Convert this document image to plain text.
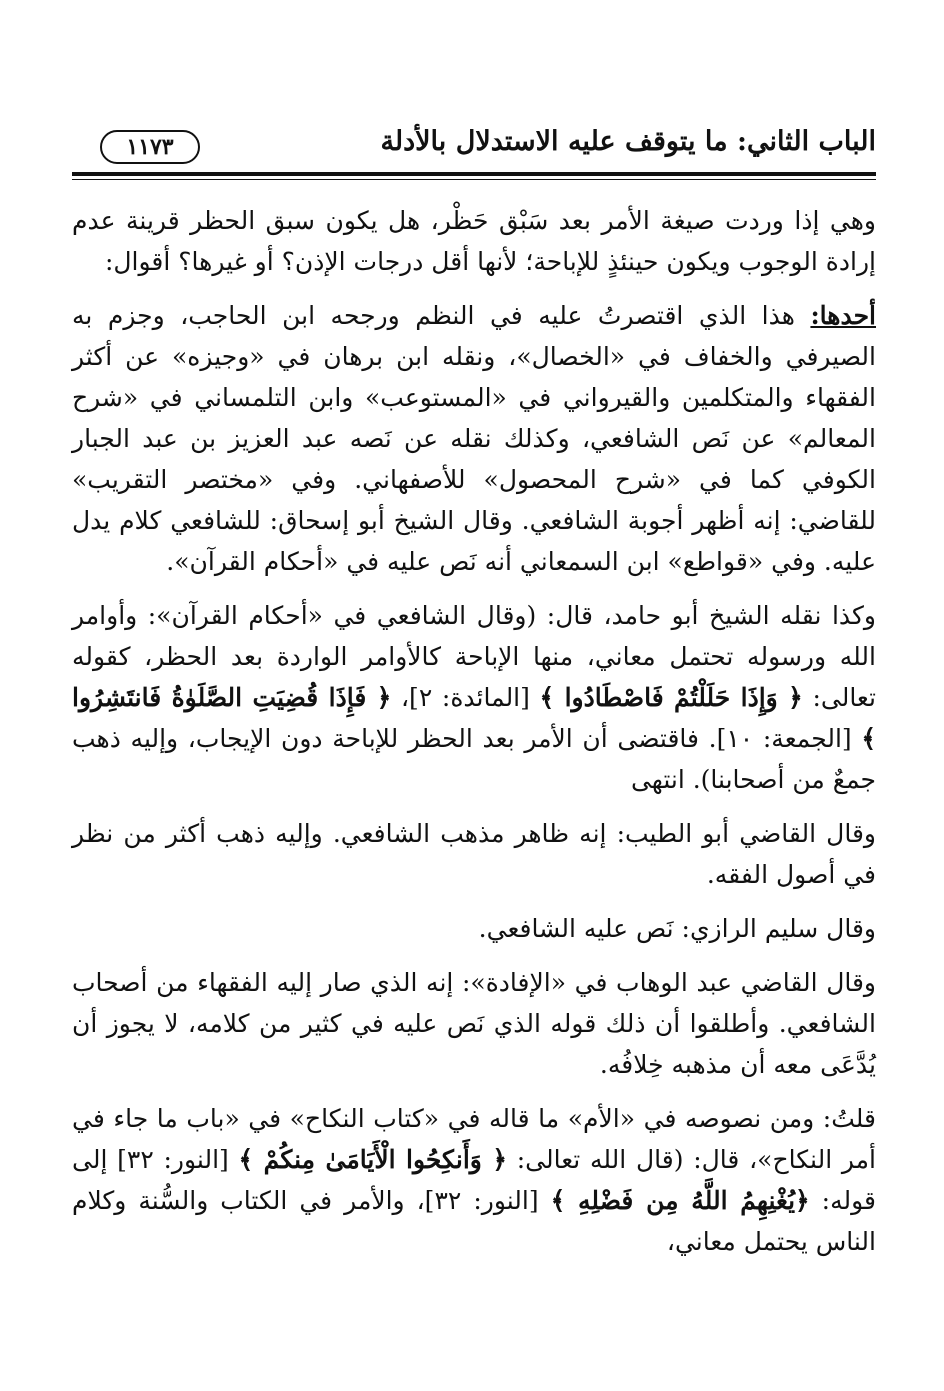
الباب الثاني: ما يتوقف عليه الاستدلال بالأدلة
١١٧٣

وهي إذا وردت صيغة الأمر بعد سَبْق حَظْر، هل يكون سبق الحظر قرينة عدم إرادة الوجوب ويكون حينئذٍ للإباحة؛ لأنها أقل درجات الإذن؟ أو غيرها؟ أقوال:

أحدها: هذا الذي اقتصرتُ عليه في النظم ورجحه ابن الحاجب، وجزم به الصيرفي والخفاف في «الخصال»، ونقله ابن برهان في «وجيزه» عن أكثر الفقهاء والمتكلمين والقيرواني في «المستوعب» وابن التلمساني في «شرح المعالم» عن نَص الشافعي، وكذلك نقله عن نَصه عبد العزيز بن عبد الجبار الكوفي كما في «شرح المحصول» للأصفهاني. وفي «مختصر التقريب» للقاضي: إنه أظهر أجوبة الشافعي. وقال الشيخ أبو إسحاق: للشافعي كلام يدل عليه. وفي «قواطع» ابن السمعاني أنه نَص عليه في «أحكام القرآن».

وكذا نقله الشيخ أبو حامد، قال: (وقال الشافعي في «أحكام القرآن»: وأوامر الله ورسوله تحتمل معاني، منها الإباحة كالأوامر الواردة بعد الحظر، كقوله تعالى: ﴿ وَإِذَا حَلَلْتُمْ فَاصْطَادُوا ﴾ [المائدة: ٢]، ﴿ فَإِذَا قُضِيَتِ الصَّلَوٰةُ فَانتَشِرُوا ﴾ [الجمعة: ١٠]. فاقتضى أن الأمر بعد الحظر للإباحة دون الإيجاب، وإليه ذهب جمعٌ من أصحابنا). انتهى

وقال القاضي أبو الطيب: إنه ظاهر مذهب الشافعي. وإليه ذهب أكثر من نظر في أصول الفقه.

وقال سليم الرازي: نَص عليه الشافعي.

وقال القاضي عبد الوهاب في «الإفادة»: إنه الذي صار إليه الفقهاء من أصحاب الشافعي. وأطلقوا أن ذلك قوله الذي نَص عليه في كثير من كلامه، لا يجوز أن يُدَّعَى معه أن مذهبه خِلافُه.

قلتُ: ومن نصوصه في «الأم» ما قاله في «كتاب النكاح» في «باب ما جاء في أمر النكاح»، قال: (قال الله تعالى: ﴿ وَأَنكِحُوا الْأَيَامَىٰ مِنكُمْ ﴾ [النور: ٣٢] إلى قوله: ﴿يُغْنِهِمُ اللَّهُ مِن فَضْلِهِ ﴾ [النور: ٣٢]، والأمر في الكتاب والسُّنة وكلام الناس يحتمل معاني،
